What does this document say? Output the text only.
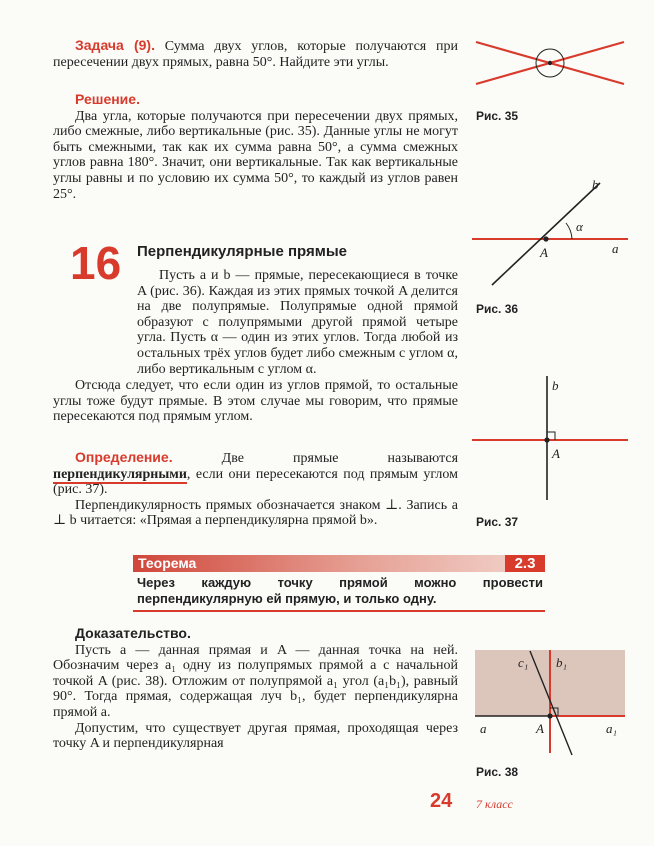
Задача (9). Сумма двух углов, которые получаются при пересечении двух прямых, равна 50°. Найдите эти углы.

Решение.

Два угла, которые получаются при пересечении двух прямых, либо смежные, либо вертикальные (рис. 35). Данные углы не могут быть смежными, так как их сумма равна 50°, а сумма смежных углов равна 180°. Значит, они вертикальные. Так как вертикальные углы равны и по условию их сумма 50°, то каждый из углов равен 25°.

16 Перпендикулярные прямые

Пусть a и b — прямые, пересекающиеся в точке A (рис. 36). Каждая из этих прямых точкой A делится на две полупрямые. Полупрямые одной прямой образуют с полупрямыми другой прямой четыре угла. Пусть α — один из этих углов. Тогда любой из остальных трёх углов будет либо смежным с углом α, либо вертикальным с углом α.

Отсюда следует, что если один из углов прямой, то остальные углы тоже будут прямые. В этом случае мы говорим, что прямые пересекаются под прямым углом.

Определение.	Две прямые называются перпендикулярными, если они пересекаются под прямым углом (рис. 37).

Перпендикулярность прямых обозначается знаком ⊥. Запись a ⊥ b читается: «Прямая a перпендикулярна прямой b».

Теорема	2.3
Через каждую точку прямой можно провести перпендикулярную ей прямую, и только одну.

Доказательство.

Пусть a — данная прямая и A — данная точка на ней. Обозначим через a₁ одну из полупрямых прямой a с начальной точкой A (рис. 38). Отложим от полупрямой a₁ угол (a₁b₁), равный 90°. Тогда прямая, содержащая луч b₁, будет перпендикулярна прямой a.

Допустим, что существует другая прямая, проходящая через точку A и перпендикулярная

Рис. 35
b
α
a
A
Рис. 36
b
A
Рис. 37
c₁ b₁
a	A	a₁
Рис. 38
24 7 класс
